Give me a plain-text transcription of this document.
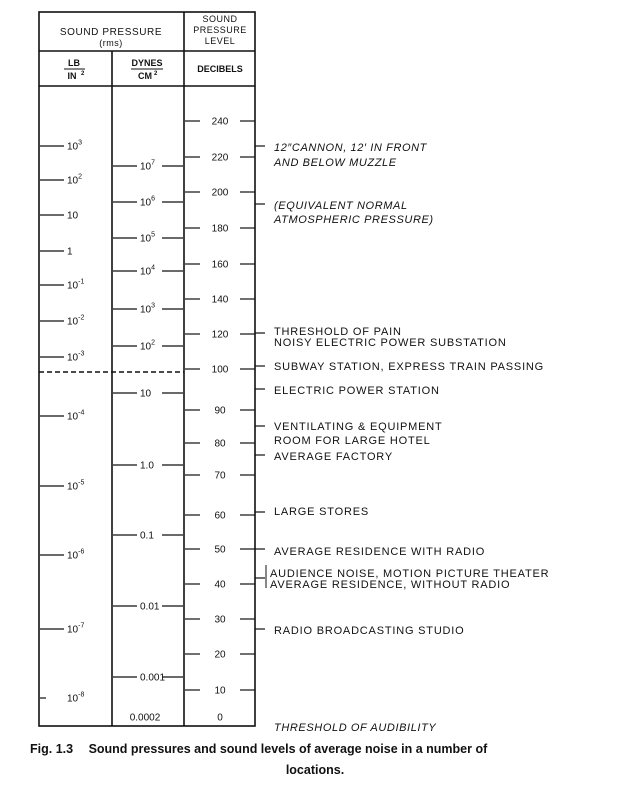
SOUND PRESSURE
(rms)
SOUND
PRESSURE
LEVEL
LB
IN 2
DYNES
CM 2	DECIBELS
$10^3$
$10^2$
10
1
$10^{-1}$
$10^{-2}$
$10^{-3}$
$10^{-4}$
$10^{-5}$
$10^{-6}$
$10^{-7}$
$10^{-8}$
$10^7$
$10^6$
$10^5$
$10^4$
$10^3$
$10^2$
10
1.0
0.1
0.01
0.001
0.0002
240
220
200
180
160
140
120
100
90
80
70
60
50
40
30
20
10
0
12″CANNON, 12′ IN FRONT
AND BELOW MUZZLE
(EQUIVALENT NORMAL
ATMOSPHERIC PRESSURE)
THRESHOLD OF PAIN
NOISY ELECTRIC POWER SUBSTATION
SUBWAY STATION, EXPRESS TRAIN PASSING
ELECTRIC POWER STATION
VENTILATING & EQUIPMENT
ROOM FOR LARGE HOTEL
AVERAGE FACTORY
LARGE STORES
AVERAGE RESIDENCE WITH RADIO
AUDIENCE NOISE, MOTION PICTURE THEATER
AVERAGE RESIDENCE, WITHOUT RADIO
RADIO BROADCASTING STUDIO
THRESHOLD OF AUDIBILITY
Fig. 1.3 Sound pressures and sound levels of average noise in a number of
locations.
